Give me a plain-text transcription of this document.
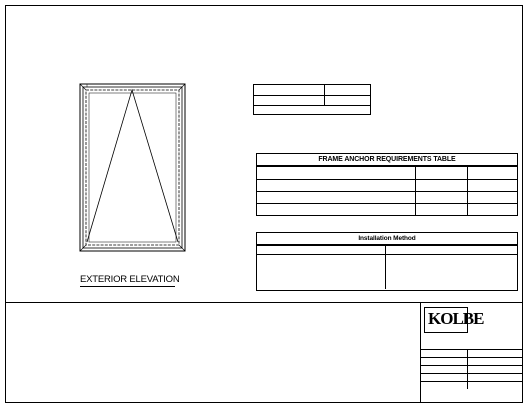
EXTERIOR ELEVATION
FRAME ANCHOR REQUIREMENTS TABLE
Installation Method
KOLBE
